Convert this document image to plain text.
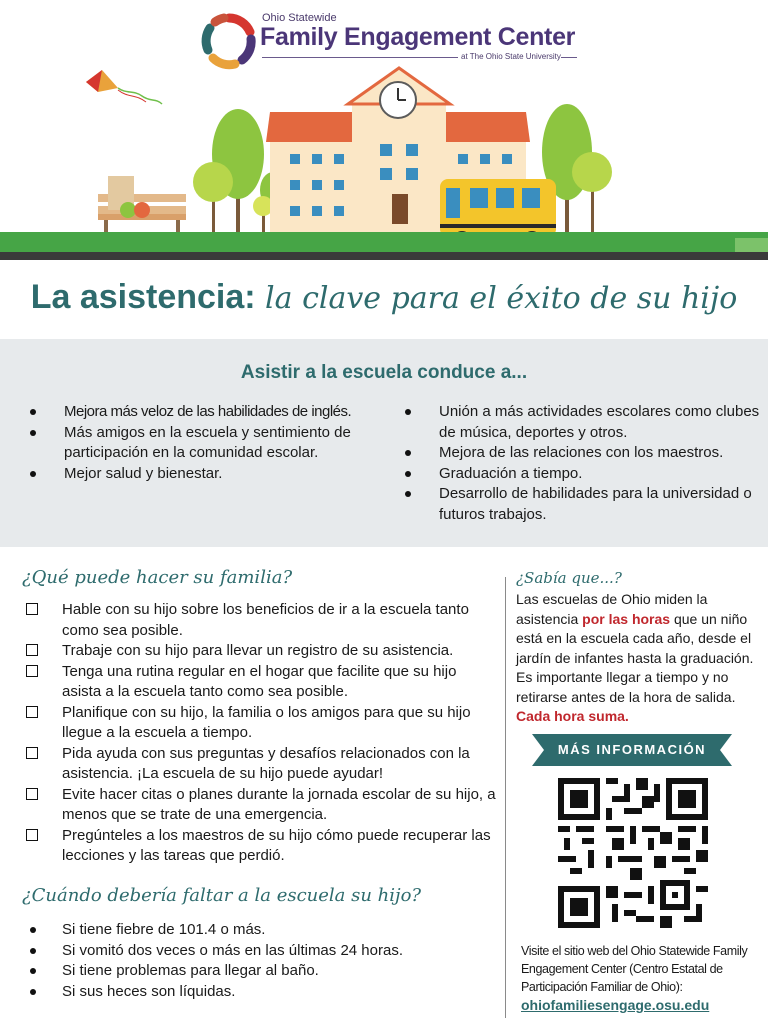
Ohio Statewide
Family Engagement Center
at The Ohio State University
La asistencia: la clave para el éxito de su hijo
Asistir a la escuela conduce a...
Mejora más veloz de las habilidades de inglés.
Más amigos en la escuela y sentimiento de participación en la comunidad escolar.
Mejor salud y bienestar.
Unión a más actividades escolares como clubes de música, deportes y otros.
Mejora de las relaciones con los maestros.
Graduación a tiempo.
Desarrollo de habilidades para la universidad o futuros trabajos.
¿Qué puede hacer su familia?
Hable con su hijo sobre los beneficios de ir a la escuela tanto como sea posible.
Trabaje con su hijo para llevar un registro de su asistencia.
Tenga una rutina regular en el hogar que facilite que su hijo asista a la escuela tanto como sea posible.
Planifique con su hijo, la familia o los amigos para que su hijo llegue a la escuela a tiempo.
Pida ayuda con sus preguntas y desafíos relacionados con la asistencia. ¡La escuela de su hijo puede ayudar!
Evite hacer citas o planes durante la jornada escolar de su hijo, a menos que se trate de una emergencia.
Pregúnteles a los maestros de su hijo cómo puede recuperar las lecciones y las tareas que perdió.
¿Cuándo debería faltar a la escuela su hijo?
Si tiene fiebre de 101.4 o más.
Si vomitó dos veces o más en las últimas 24 horas.
Si tiene problemas para llegar al baño.
Si sus heces son líquidas.
¿Sabía que...?
Las escuelas de Ohio miden la asistencia por las horas que un niño está en la escuela cada año, desde el jardín de infantes hasta la graduación. Es importante llegar a tiempo y no retirarse antes de la hora de salida. Cada hora suma.
MÁS INFORMACIÓN
Visite el sitio web del Ohio Statewide Family Engagement Center (Centro Estatal de Participación Familiar de Ohio):
ohiofamiliesengage.osu.edu
